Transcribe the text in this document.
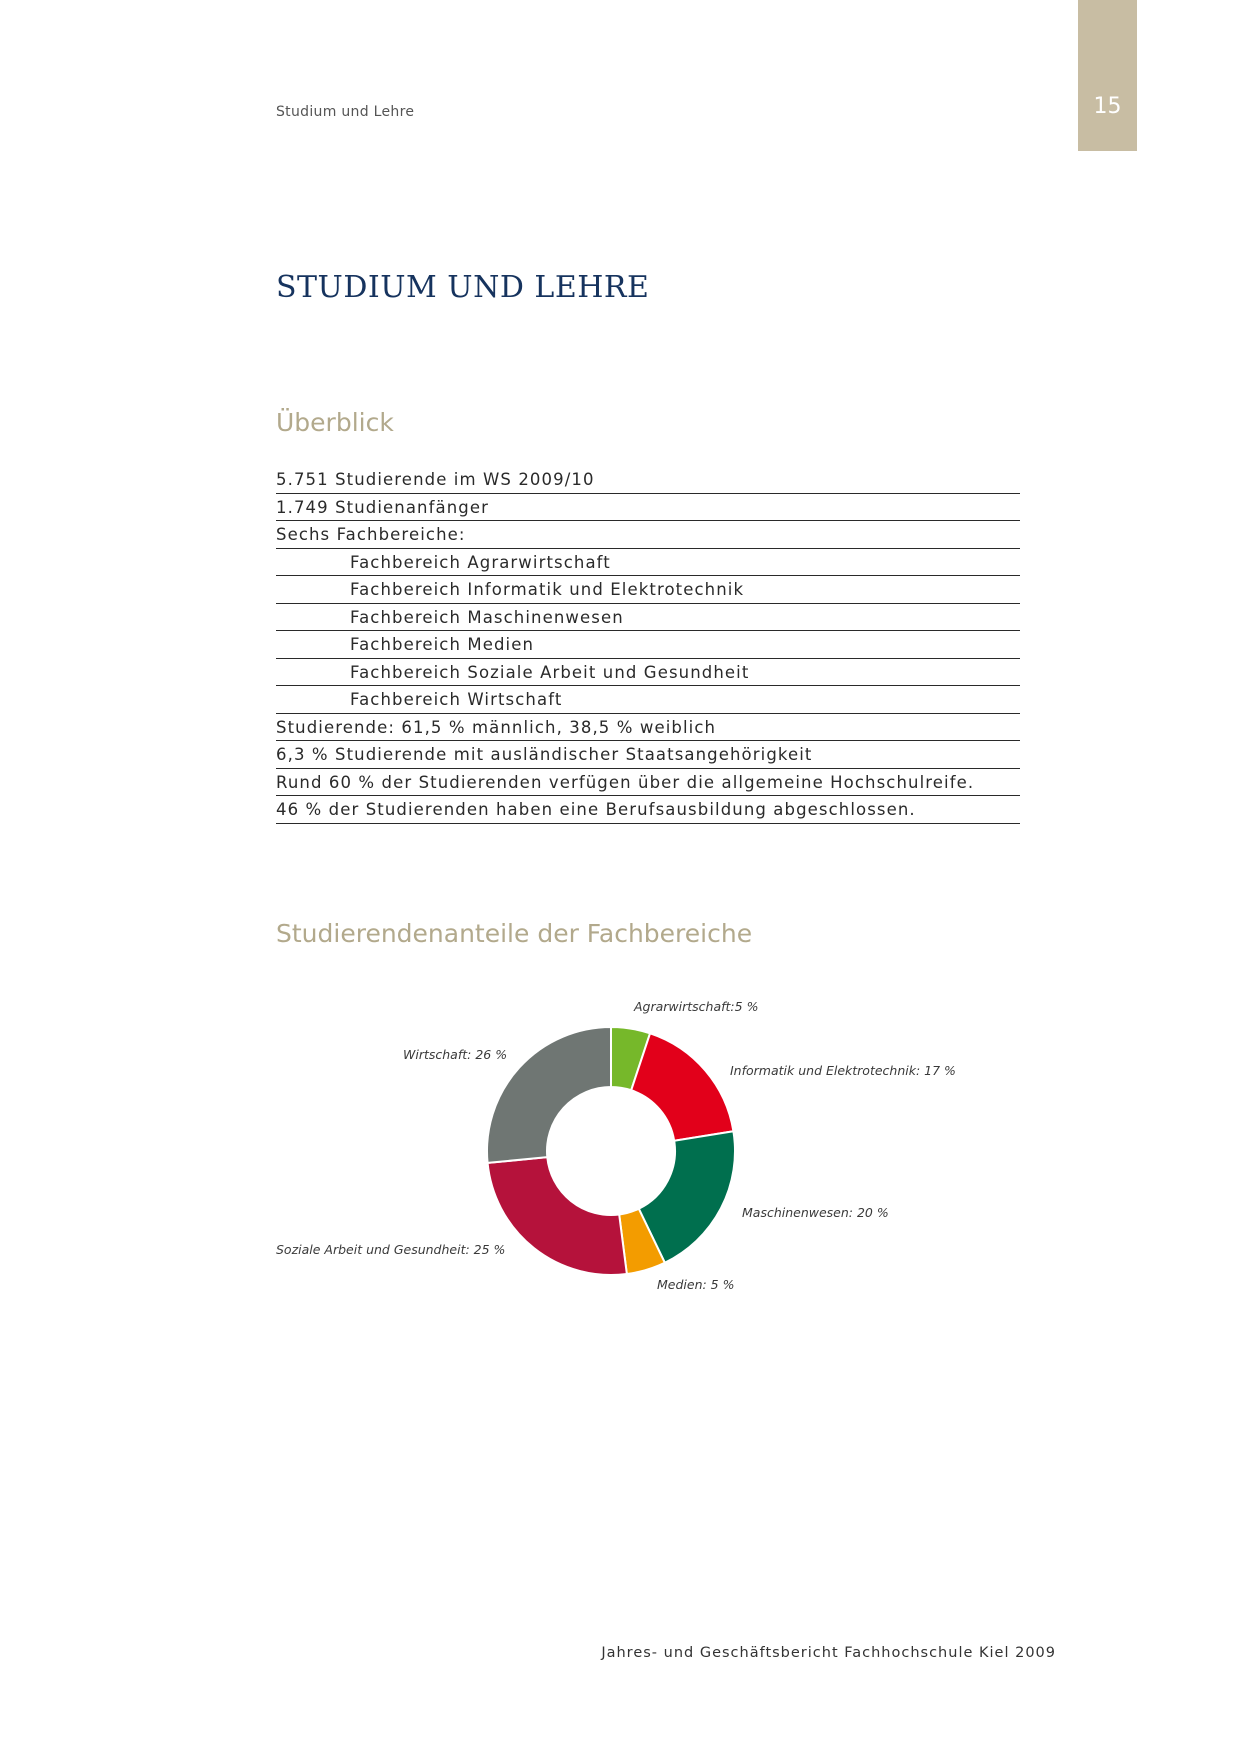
Studium und Lehre	15
STUDIUM UND LEHRE
Überblick
5.751 Studierende im WS 2009/10
1.749 Studienanfänger
Sechs Fachbereiche:
Fachbereich Agrarwirtschaft
Fachbereich Informatik und Elektrotechnik
Fachbereich Maschinenwesen
Fachbereich Medien
Fachbereich Soziale Arbeit und Gesundheit
Fachbereich Wirtschaft
Studierende: 61,5 % männlich, 38,5 % weiblich
6,3 % Studierende mit ausländischer Staatsangehörigkeit
Rund 60 % der Studierenden verfügen über die allgemeine Hochschulreife.
46 % der Studierenden haben eine Berufsausbildung abgeschlossen.
Studierendenanteile der Fachbereiche
Agrarwirtschaft:5 %
Informatik und Elektrotechnik: 17 %
Maschinenwesen: 20 %
Medien: 5 %
Soziale Arbeit und Gesundheit: 25 %
Wirtschaft: 26 %
Jahres- und Geschäftsbericht Fachhochschule Kiel 2009
